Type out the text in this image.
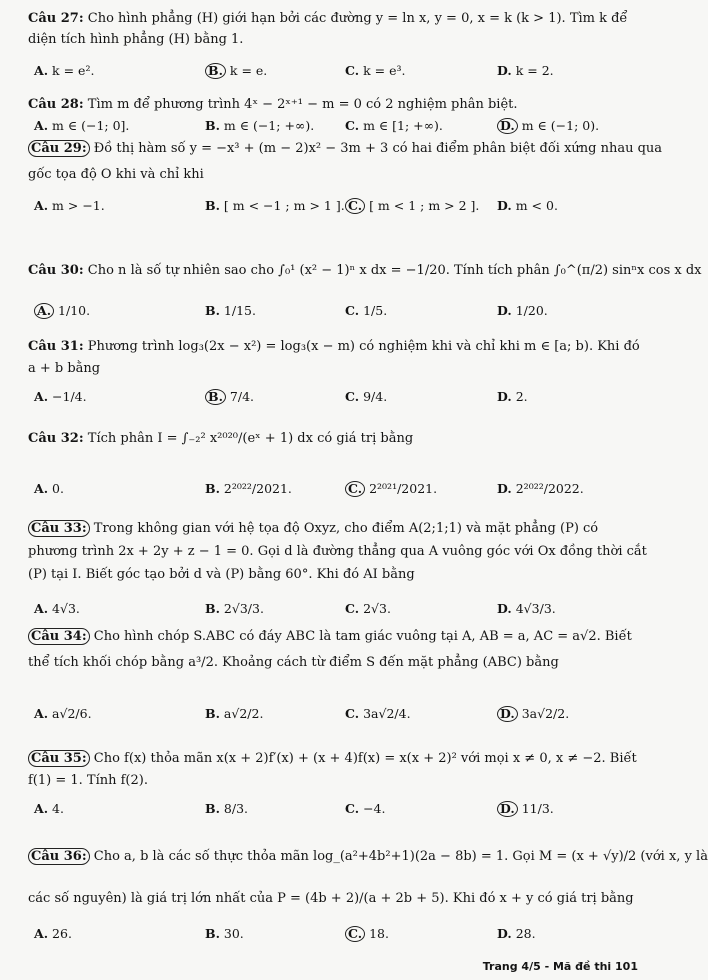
Câu 27: Cho hình phẳng (H) giới hạn bởi các đường y = ln x, y = 0, x = k (k > 1). Tìm k để
diện tích hình phẳng (H) bằng 1.
A. k = e².	B. k = e.	C. k = e³.	D. k = 2.
Câu 28: Tìm m để phương trình 4ˣ − 2ˣ⁺¹ − m = 0 có 2 nghiệm phân biệt.
A. m ∈ (−1; 0].	B. m ∈ (−1; +∞). C. m ∈ [1; +∞).	D. m ∈ (−1; 0).
Câu 29: Đồ thị hàm số y = −x³ + (m − 2)x² − 3m + 3 có hai điểm phân biệt đối xứng nhau qua
gốc tọa độ O khi và chỉ khi
A. m > −1.	B. [ m < −1 ; m > 1 ]. C. [ m < 1 ; m > 2 ]. D. m < 0.
Câu 30: Cho n là số tự nhiên sao cho ∫₀¹ (x² − 1)ⁿ x dx = −1/20. Tính tích phân ∫₀^(π/2) sinⁿx cos x dx
A. 1/10.	B. 1/15.	C. 1/5.	D. 1/20.
Câu 31: Phương trình log₃(2x − x²) = log₃(x − m) có nghiệm khi và chỉ khi m ∈ [a; b). Khi đó
a + b bằng
A. −1/4.	B. 7/4.	C. 9/4.	D. 2.
Câu 32: Tích phân I = ∫₋₂² x²⁰²⁰/(eˣ + 1) dx có giá trị bằng
A. 0.	B. 2²⁰²²/2021.	C. 2²⁰²¹/2021.	D. 2²⁰²²/2022.
Câu 33: Trong không gian với hệ tọa độ Oxyz, cho điểm A(2;1;1) và mặt phẳng (P) có
phương trình 2x + 2y + z − 1 = 0. Gọi d là đường thẳng qua A vuông góc với Ox đồng thời cắt
(P) tại I. Biết góc tạo bởi d và (P) bằng 60°. Khi đó AI bằng
A. 4√3.	B. 2√3/3.	C. 2√3.	D. 4√3/3.
Câu 34: Cho hình chóp S.ABC có đáy ABC là tam giác vuông tại A, AB = a, AC = a√2. Biết
thể tích khối chóp bằng a³/2. Khoảng cách từ điểm S đến mặt phẳng (ABC) bằng
A. a√2/6.	B. a√2/2.	C. 3a√2/4.	D. 3a√2/2.
Câu 35: Cho f(x) thỏa mãn x(x + 2)f′(x) + (x + 4)f(x) = x(x + 2)² với mọi x ≠ 0, x ≠ −2. Biết
f(1) = 1. Tính f(2).
A. 4.	B. 8/3.	C. −4.	D. 11/3.
Câu 36: Cho a, b là các số thực thỏa mãn log_(a²+4b²+1)(2a − 8b) = 1. Gọi M = (x + √y)/2 (với x, y là
các số nguyên) là giá trị lớn nhất của P = (4b + 2)/(a + 2b + 5). Khi đó x + y có giá trị bằng
A. 26.	B. 30.	C. 18.	D. 28.
Trang 4/5 - Mã đề thi 101
